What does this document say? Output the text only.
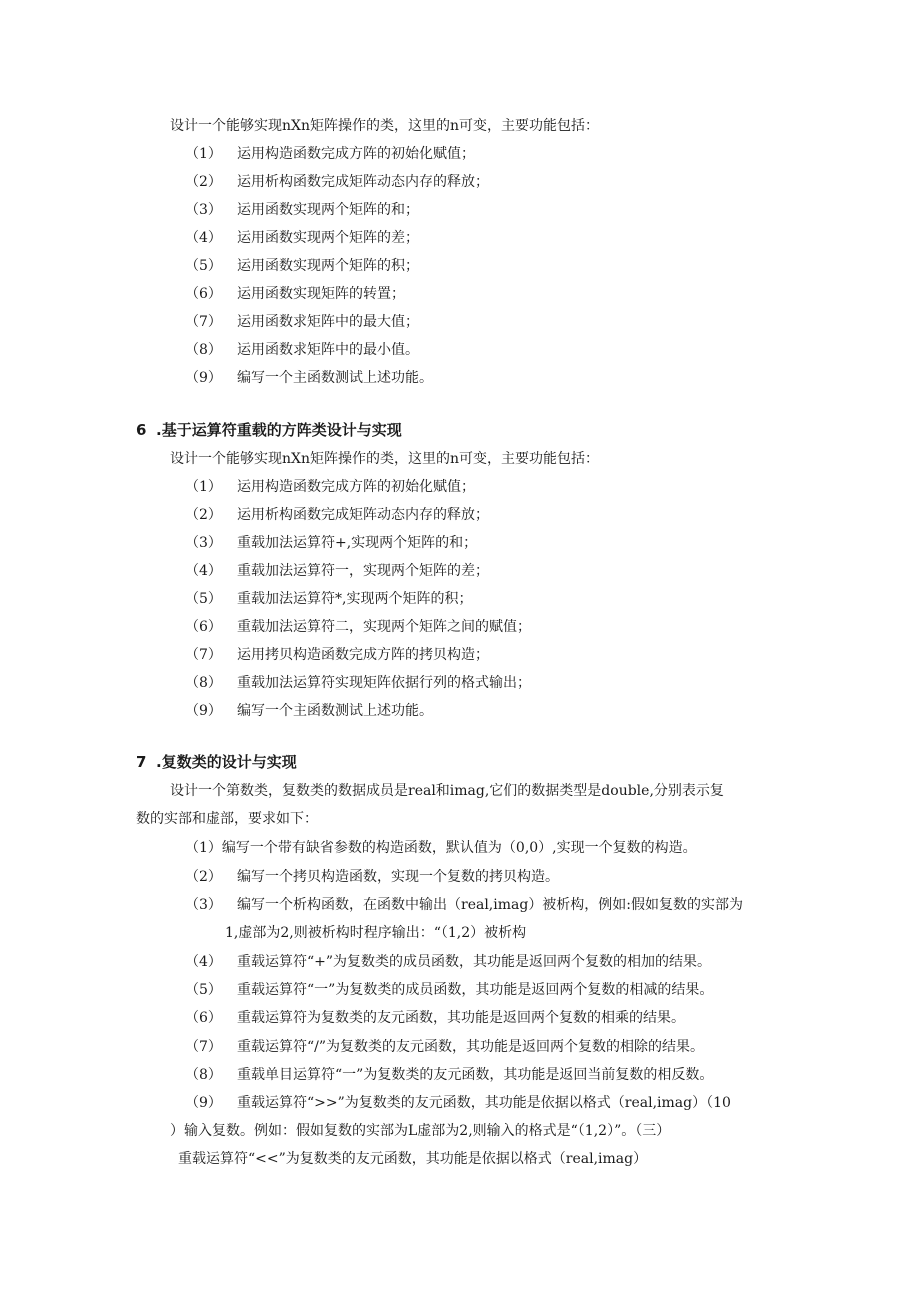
设计一个能够实现nXn矩阵操作的类，这里的n可变，主要功能包括：
（1） 运用构造函数完成方阵的初始化赋值；
（2） 运用析构函数完成矩阵动态内存的释放；
（3） 运用函数实现两个矩阵的和；
（4） 运用函数实现两个矩阵的差；
（5） 运用函数实现两个矩阵的积；
（6） 运用函数实现矩阵的转置；
（7） 运用函数求矩阵中的最大值；
（8） 运用函数求矩阵中的最小值。
（9） 编写一个主函数测试上述功能。
6 .基于运算符重载的方阵类设计与实现
设计一个能够实现nXn矩阵操作的类，这里的n可变，主要功能包括：
（1） 运用构造函数完成方阵的初始化赋值；
（2） 运用析构函数完成矩阵动态内存的释放；
（3） 重载加法运算符+,实现两个矩阵的和；
（4） 重载加法运算符一，实现两个矩阵的差；
（5） 重载加法运算符*,实现两个矩阵的积；
（6） 重载加法运算符二，实现两个矩阵之间的赋值；
（7） 运用拷贝构造函数完成方阵的拷贝构造；
（8） 重载加法运算符实现矩阵依据行列的格式输出；
（9） 编写一个主函数测试上述功能。
7 .复数类的设计与实现
设计一个第数类，复数类的数据成员是real和imag,它们的数据类型是double,分别表示复
数的实部和虚部，要求如下：
（1）编写一个带有缺省参数的构造函数，默认值为（0,0）,实现一个复数的构造。
（2） 编写一个拷贝构造函数，实现一个复数的拷贝构造。
（3） 编写一个析构函数，在函数中输出（real,imag）被析构，例如:假如复数的实部为
1,虚部为2,则被析构时程序输出：“（1,2）被析构
（4） 重载运算符“+”为复数类的成员函数，其功能是返回两个复数的相加的结果。
（5） 重载运算符“一”为复数类的成员函数，其功能是返回两个复数的相减的结果。
（6） 重载运算符为复数类的友元函数，其功能是返回两个复数的相乘的结果。
（7） 重载运算符“/”为复数类的友元函数，其功能是返回两个复数的相除的结果。
（8） 重载单目运算符“一”为复数类的友元函数，其功能是返回当前复数的相反数。
（9） 重载运算符“>>”为复数类的友元函数，其功能是依据以格式（real,imag）（10
）输入复数。例如：假如复数的实部为L虚部为2,则输入的格式是“（1,2）”。（三）
重载运算符“<<”为复数类的友元函数，其功能是依据以格式（real,imag）
